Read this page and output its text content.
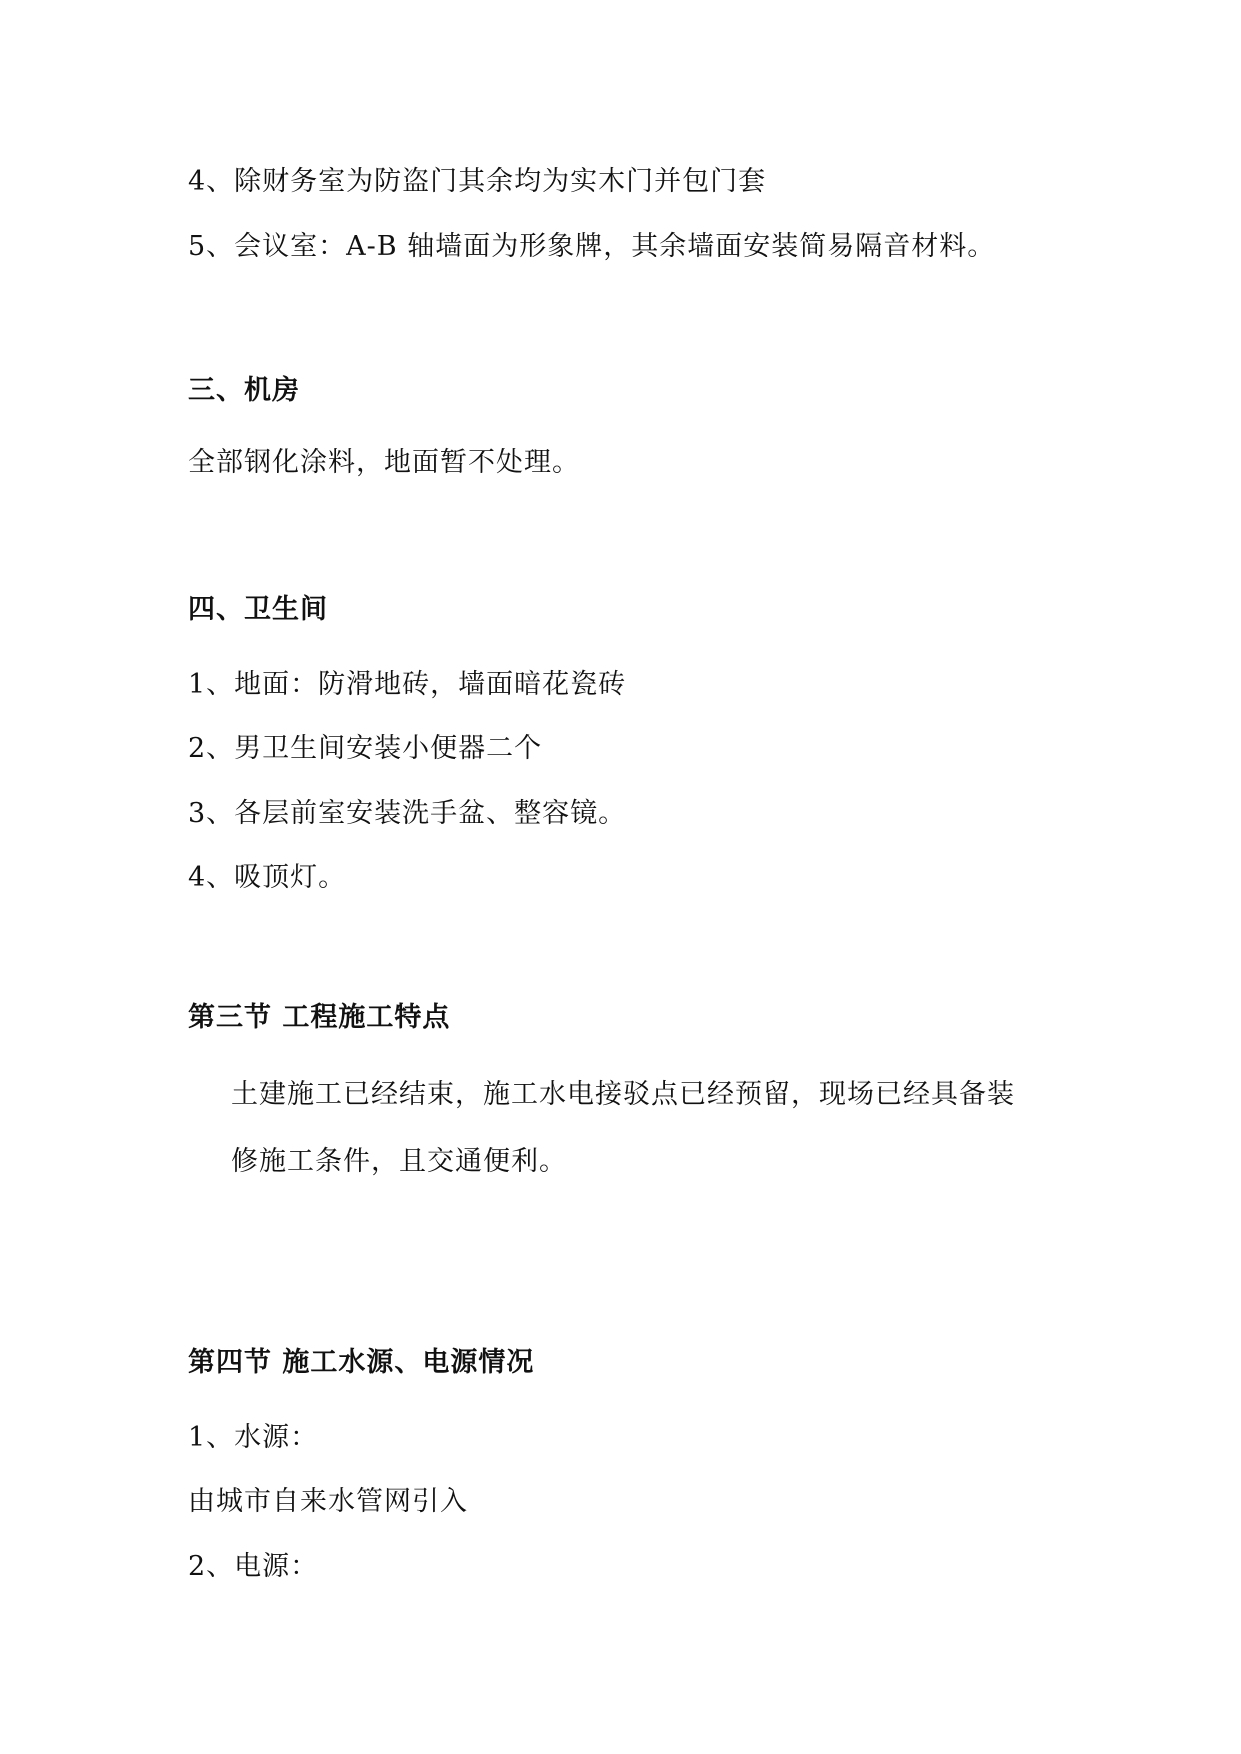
4、除财务室为防盗门其余均为实木门并包门套
5、会议室：A-B 轴墙面为形象牌，其余墙面安装简易隔音材料。
三、机房
全部钢化涂料，地面暂不处理。
四、卫生间
1、地面：防滑地砖，墙面暗花瓷砖
2、男卫生间安装小便器二个
3、各层前室安装洗手盆、整容镜。
4、吸顶灯。
第三节 工程施工特点
土建施工已经结束，施工水电接驳点已经预留，现场已经具备装
修施工条件，且交通便利。
第四节 施工水源、电源情况
1、水源：
由城市自来水管网引入
2、电源：
